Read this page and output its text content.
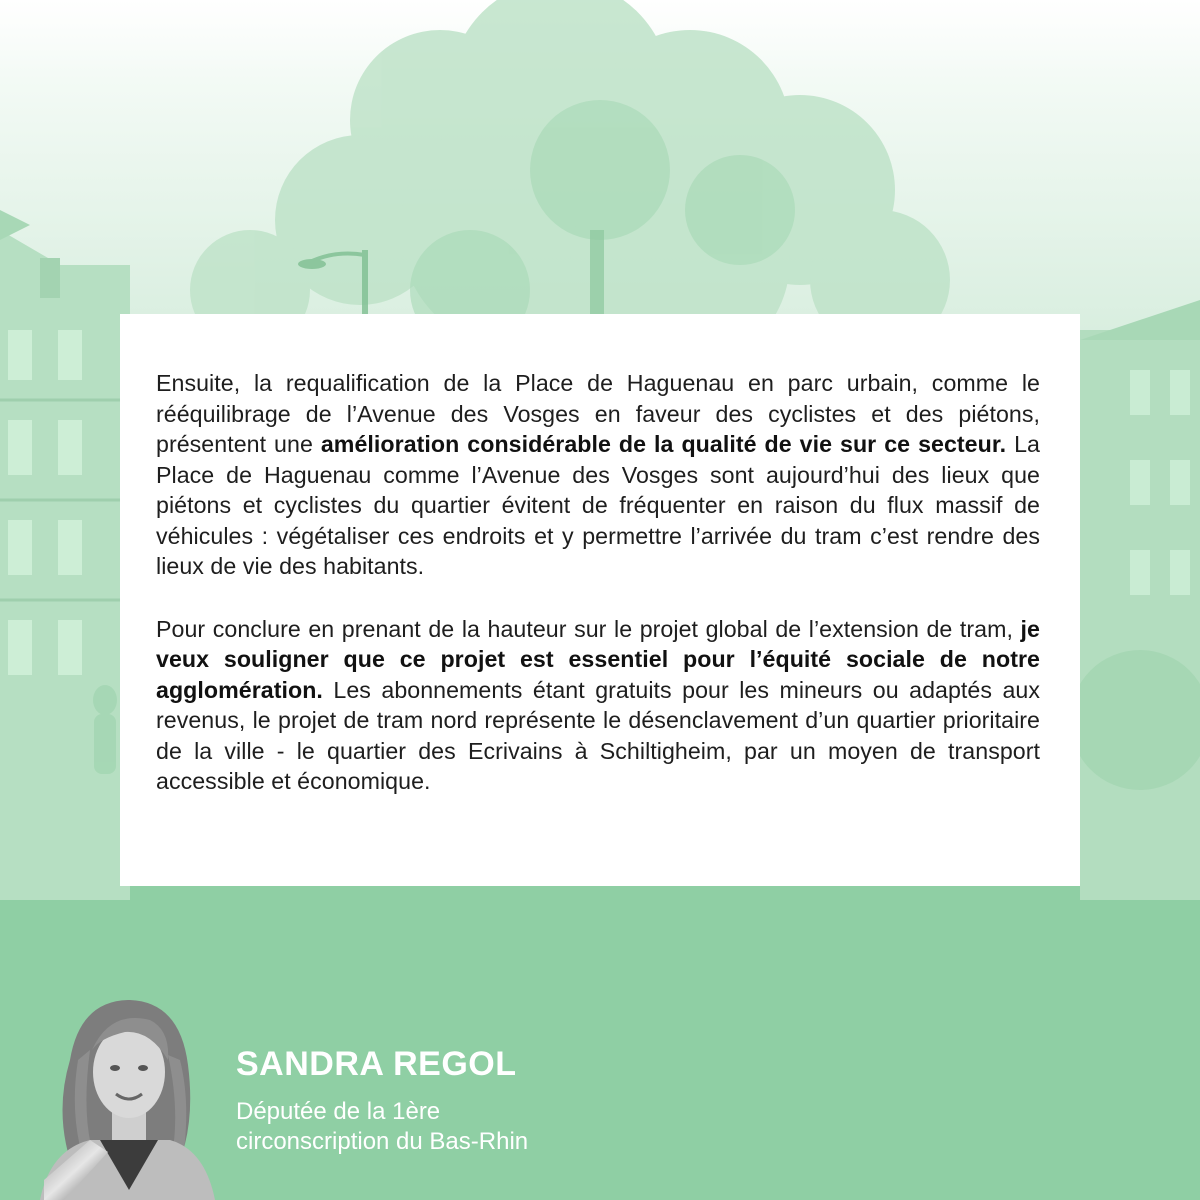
Ensuite, la requalification de la Place de Haguenau en parc urbain, comme le rééquilibrage de l’Avenue des Vosges en faveur des cyclistes et des piétons, présentent une amélioration considérable de la qualité de vie sur ce secteur. La Place de Haguenau comme l’Avenue des Vosges sont aujourd’hui des lieux que piétons et cyclistes du quartier évitent de fréquenter en raison du flux massif de véhicules : végétaliser ces endroits et y permettre l’arrivée du tram c’est rendre des lieux de vie des habitants.

Pour conclure en prenant de la hauteur sur le projet global de l’extension de tram, je veux souligner que ce projet est essentiel pour l’équité sociale de notre agglomération. Les abonnements étant gratuits pour les mineurs ou adaptés aux revenus, le projet de tram nord représente le désenclavement d’un quartier prioritaire de la ville - le quartier des Ecrivains à Schiltigheim, par un moyen de transport accessible et économique.

SANDRA REGOL

Députée de la 1ère

circonscription du Bas-Rhin
